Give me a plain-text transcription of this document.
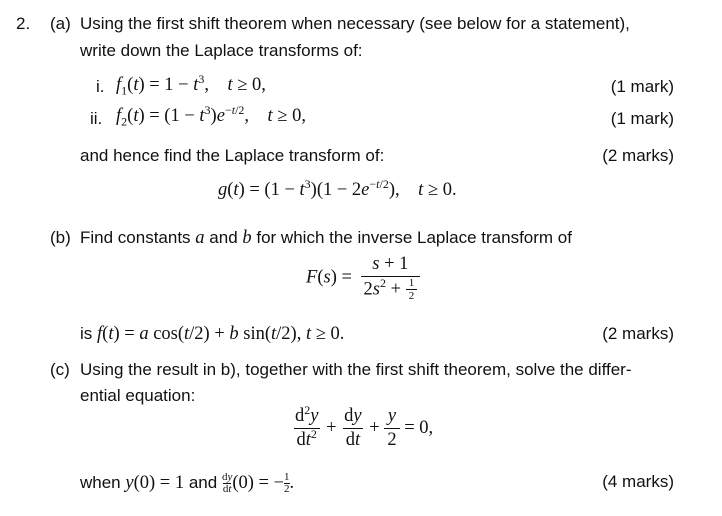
2. (a) Using the first shift theorem when necessary (see below for a statement),
write down the Laplace transforms of:
i. $f_1(t) = 1 - t^3$,    t ≥ 0,	(1 mark)
ii. $f_2(t) = (1 - t^3)e^{-t/2}$,    t ≥ 0,	(1 mark)
and hence find the Laplace transform of:	(2 marks)
$g(t) = (1 - t^3)(1 - 2e^{-t/2})$,    t ≥ 0.
(b) Find constants a and b for which the inverse Laplace transform of
$F(s) = \frac{s + 1}{2s^2 + \frac{1}{2}}$
is f(t) = a cos(t/2) + b sin(t/2), t ≥ 0.	(2 marks)
(c) Using the result in b), together with the first shift theorem, solve the differ-
ential equation:
$\frac{d^2y}{dt^2} + \frac{dy}{dt} + \frac{y}{2} = 0$,
when y(0) = 1 and $\frac{dy}{dt} (0)$ = − $\frac{1}{2}$ .	(4 marks)
